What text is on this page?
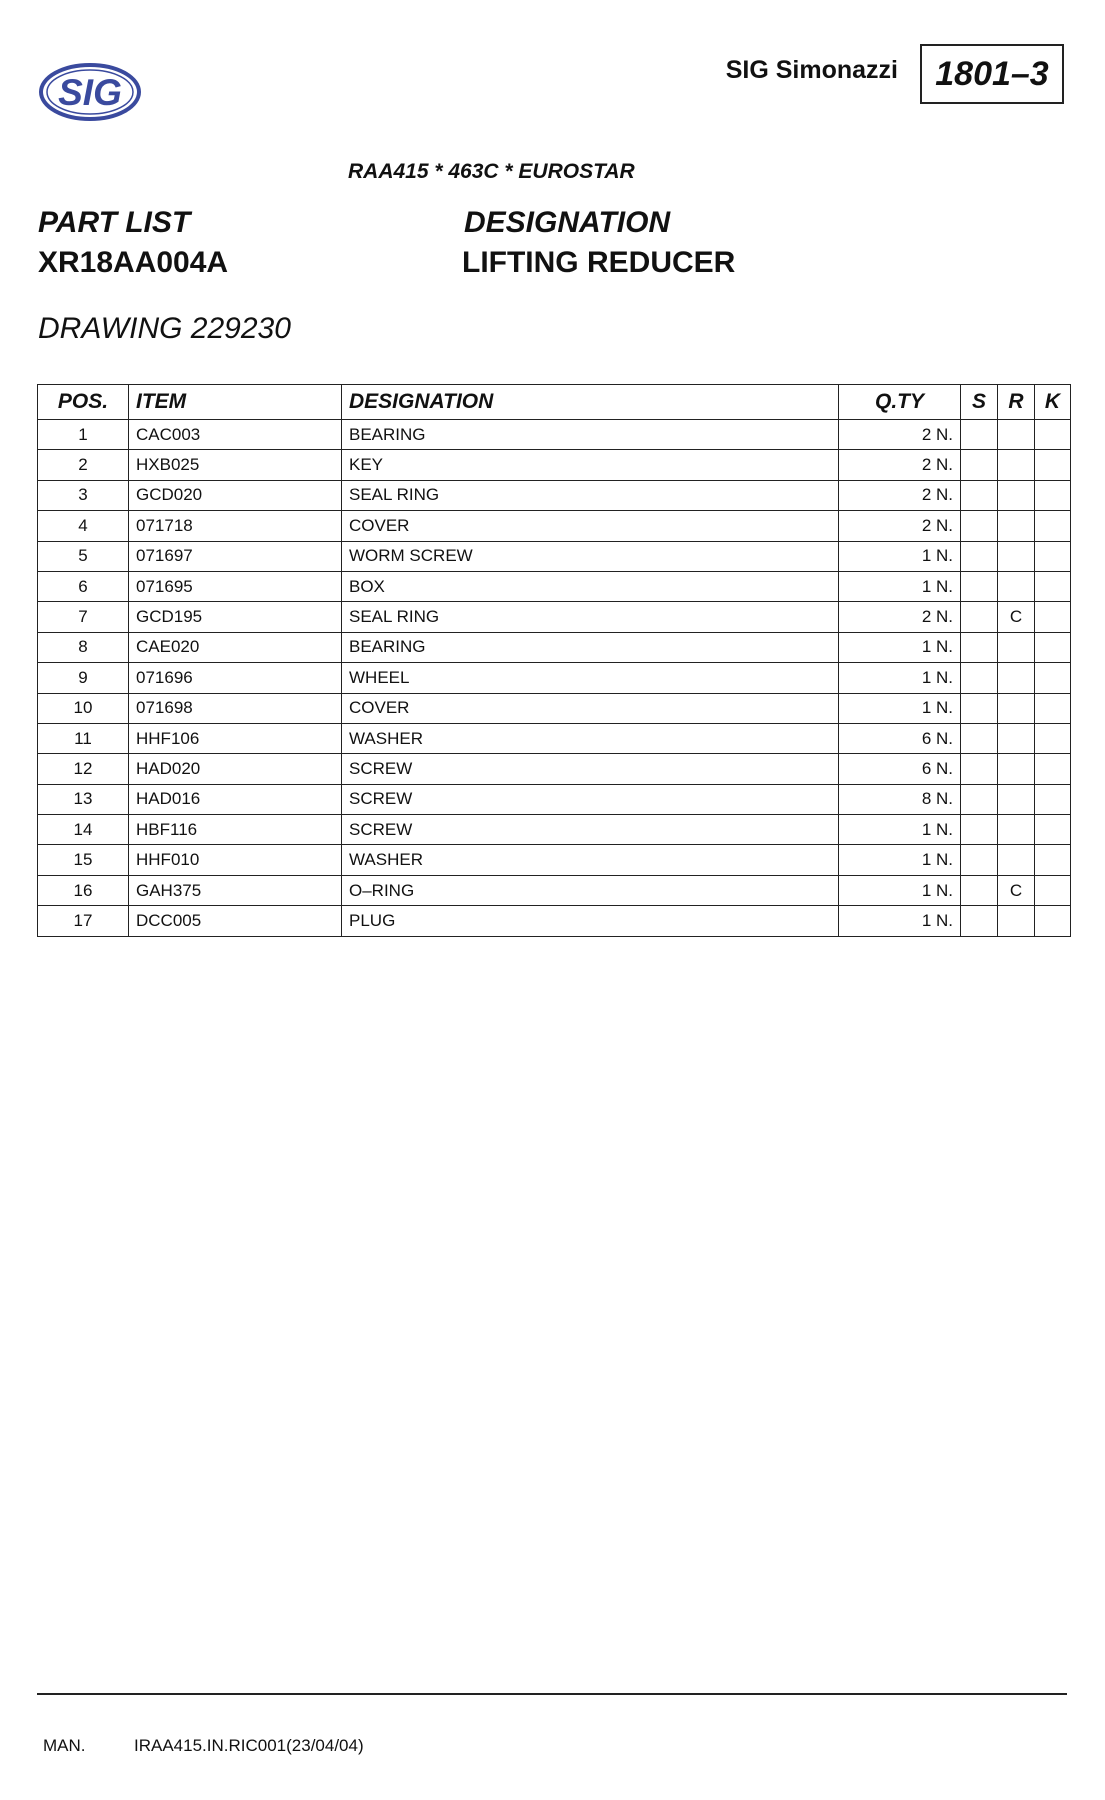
SIG
SIG Simonazzi	1801–3
RAA415 * 463C * EUROSTAR
PART LIST
XR18AA004A
DESIGNATION
LIFTING REDUCER
DRAWING 229230
POS.	ITEM	DESIGNATION	Q.TY	S	R	K
1	CAC003	BEARING	2 N.			
2	HXB025	KEY	2 N.			
3	GCD020	SEAL RING	2 N.			
4	071718	COVER	2 N.			
5	071697	WORM SCREW	1 N.			
6	071695	BOX	1 N.			
7	GCD195	SEAL RING	2 N.		C	
8	CAE020	BEARING	1 N.			
9	071696	WHEEL	1 N.			
10	071698	COVER	1 N.			
11	HHF106	WASHER	6 N.			
12	HAD020	SCREW	6 N.			
13	HAD016	SCREW	8 N.			
14	HBF116	SCREW	1 N.			
15	HHF010	WASHER	1 N.			
16	GAH375	O–RING	1 N.		C	
17	DCC005	PLUG	1 N.			
MAN.	IRAA415.IN.RIC001(23/04/04)
